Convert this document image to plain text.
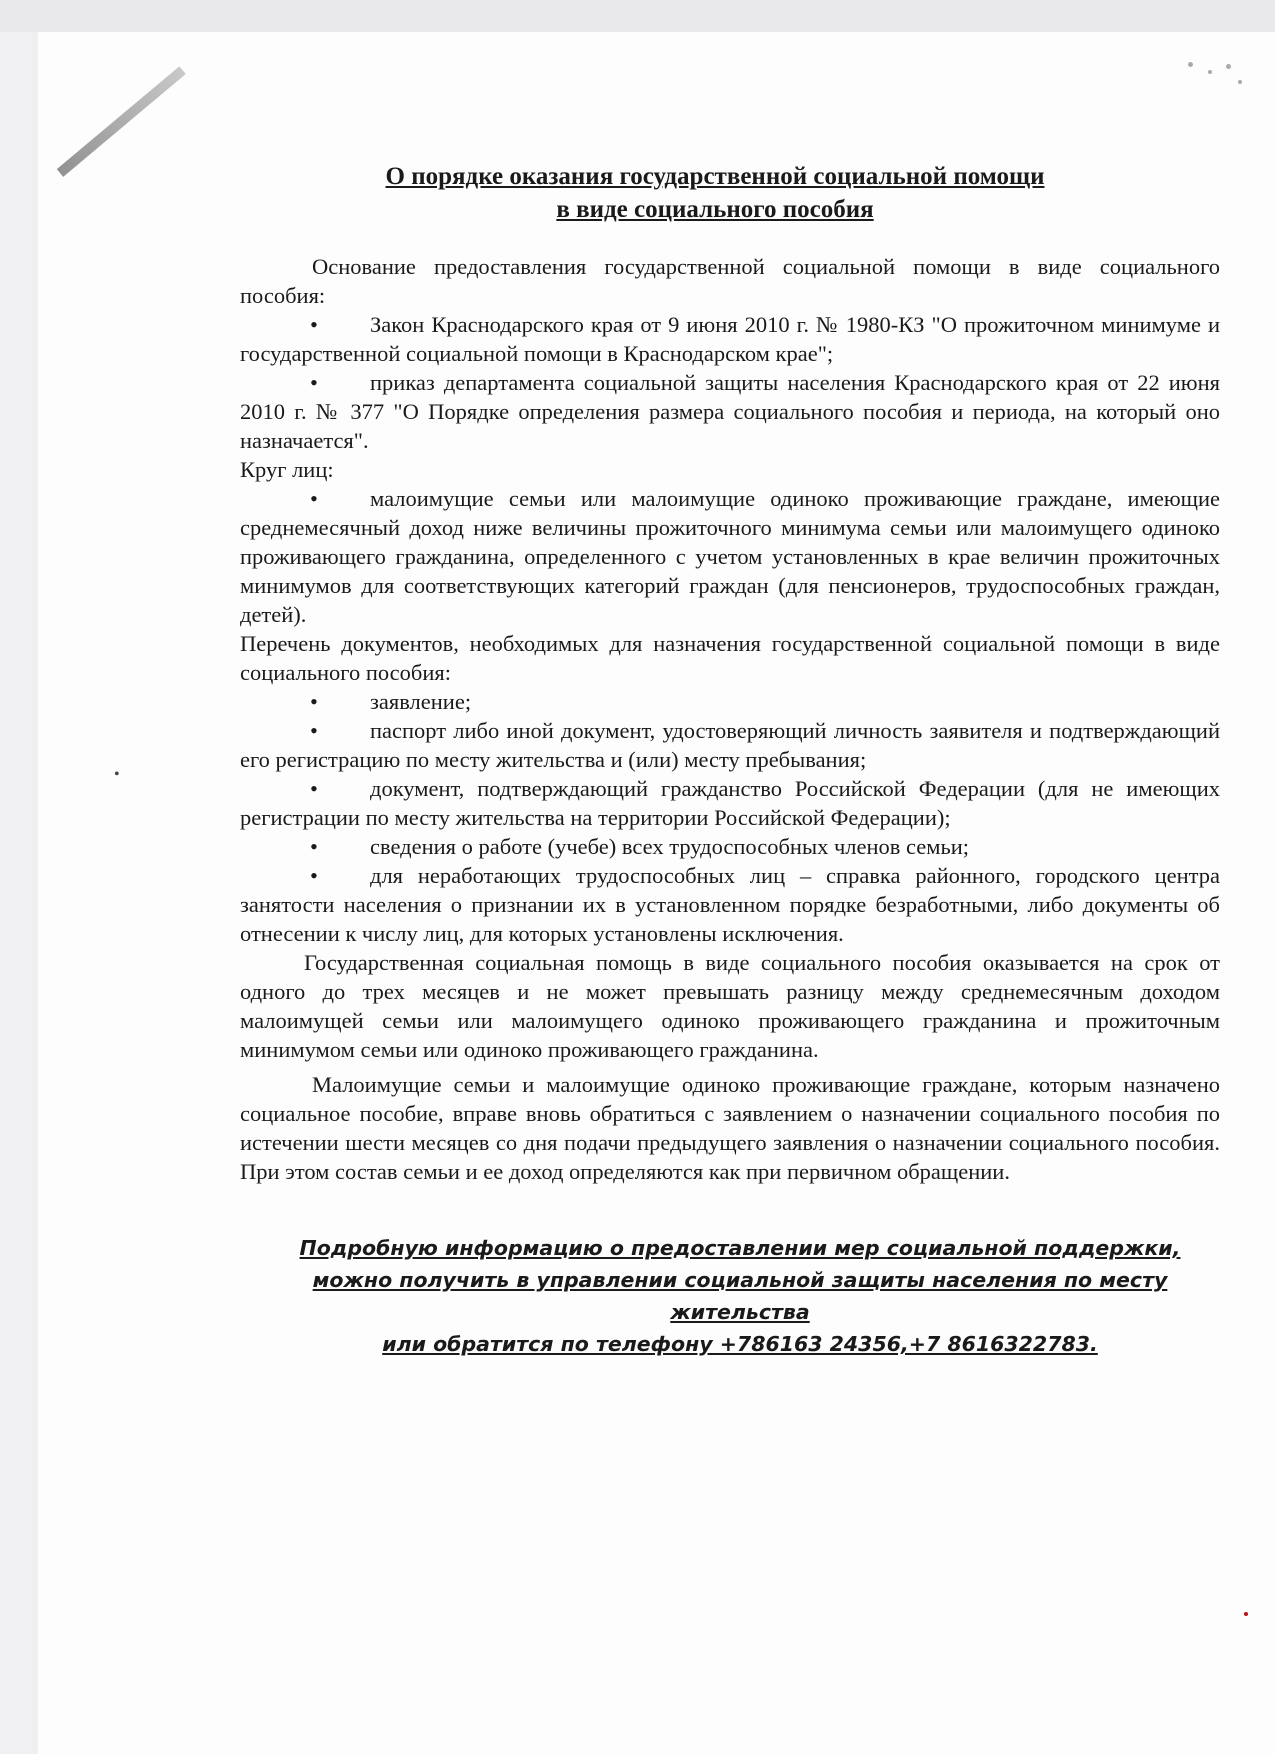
О порядке оказания государственной социальной помощи
в виде социального пособия

Основание предоставления государственной социальной помощи в виде социального пособия:

• Закон Краснодарского края от 9 июня 2010 г. № 1980-КЗ "О прожиточном минимуме и государственной социальной помощи в Краснодарском крае";

• приказ департамента социальной защиты населения Краснодарского края от 22 июня 2010 г. № 377 "О Порядке определения размера социального пособия и периода, на который оно назначается".

Круг лиц:

• малоимущие семьи или малоимущие одиноко проживающие граждане, имеющие среднемесячный доход ниже величины прожиточного минимума семьи или малоимущего одиноко проживающего гражданина, определенного с учетом установленных в крае величин прожиточных минимумов для соответствующих категорий граждан (для пенсионеров, трудоспособных граждан, детей).

Перечень документов, необходимых для назначения государственной социальной помощи в виде социального пособия:

• заявление;

• паспорт либо иной документ, удостоверяющий личность заявителя и подтверждающий его регистрацию по месту жительства и (или) месту пребывания;

• документ, подтверждающий гражданство Российской Федерации (для не имеющих регистрации по месту жительства на территории Российской Федерации);

• сведения о работе (учебе) всех трудоспособных членов семьи;

• для неработающих трудоспособных лиц – справка районного, городского центра занятости населения о признании их в установленном порядке безработными, либо документы об отнесении к числу лиц, для которых установлены исключения.

Государственная социальная помощь в виде социального пособия оказывается на срок от одного до трех месяцев и не может превышать разницу между среднемесячным доходом малоимущей семьи или малоимущего одиноко проживающего гражданина и прожиточным минимумом семьи или одиноко проживающего гражданина.

Малоимущие семьи и малоимущие одиноко проживающие граждане, которым назначено социальное пособие, вправе вновь обратиться с заявлением о назначении социального пособия по истечении шести месяцев со дня подачи предыдущего заявления о назначении социального пособия. При этом состав семьи и ее доход определяются как при первичном обращении.

Подробную информацию о предоставлении мер социальной поддержки,
можно получить в управлении социальной защиты населения по месту жительства
или обратится по телефону +786163 24356,+7 8616322783.
•
